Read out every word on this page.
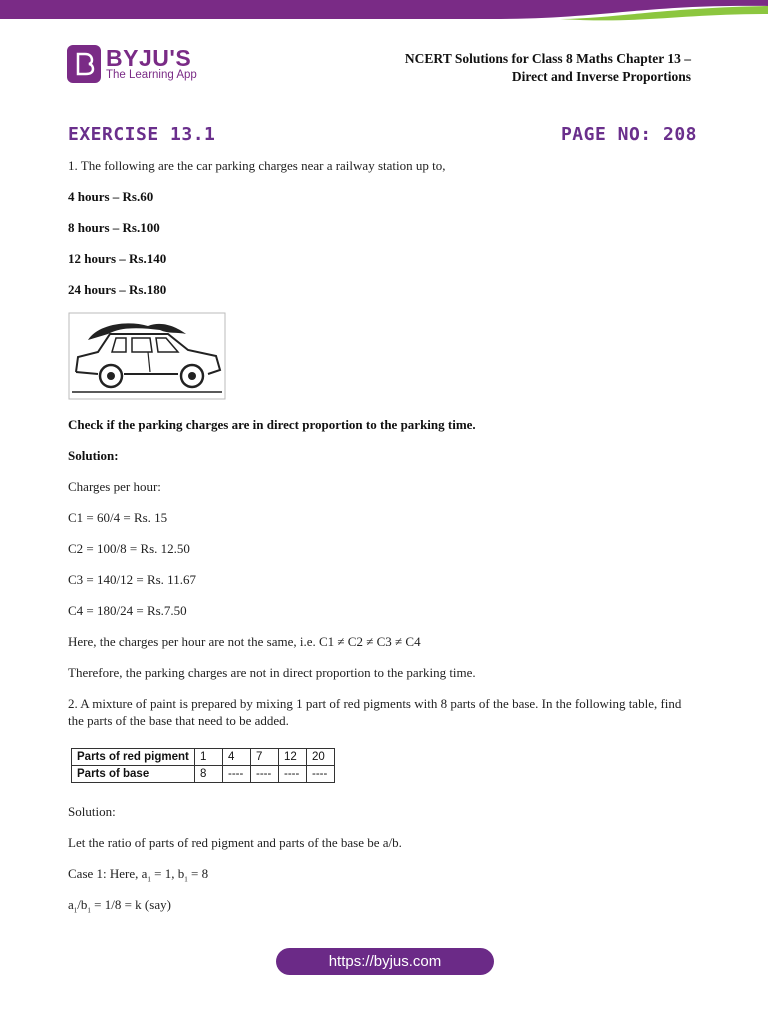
BYJU'S
The Learning App
NCERT Solutions for Class 8 Maths Chapter 13 –
Direct and Inverse Proportions
EXERCISE 13.1	PAGE NO: 208
1. The following are the car parking charges near a railway station up to,
4 hours – Rs.60
8 hours – Rs.100
12 hours – Rs.140
24 hours – Rs.180
Check if the parking charges are in direct proportion to the parking time.
Solution:
Charges per hour:
C1 = 60/4 = Rs. 15
C2 = 100/8 = Rs. 12.50
C3 = 140/12 = Rs. 11.67
C4 = 180/24 = Rs.7.50
Here, the charges per hour are not the same, i.e. C1 ≠ C2 ≠ C3 ≠ C4
Therefore, the parking charges are not in direct proportion to the parking time.
2. A mixture of paint is prepared by mixing 1 part of red pigments with 8 parts of the base. In the following table, find the parts of the base that need to be added.
Parts of red pigment	1	4	7	12	20
Parts of base	8	----	----	----	----
Solution:
Let the ratio of parts of red pigment and parts of the base be a/b.
Case 1: Here, $a_1 = 1$, $b_1 = 8$
$a_1/b_1 = 1/8 = k$ (say)
https://byjus.com
